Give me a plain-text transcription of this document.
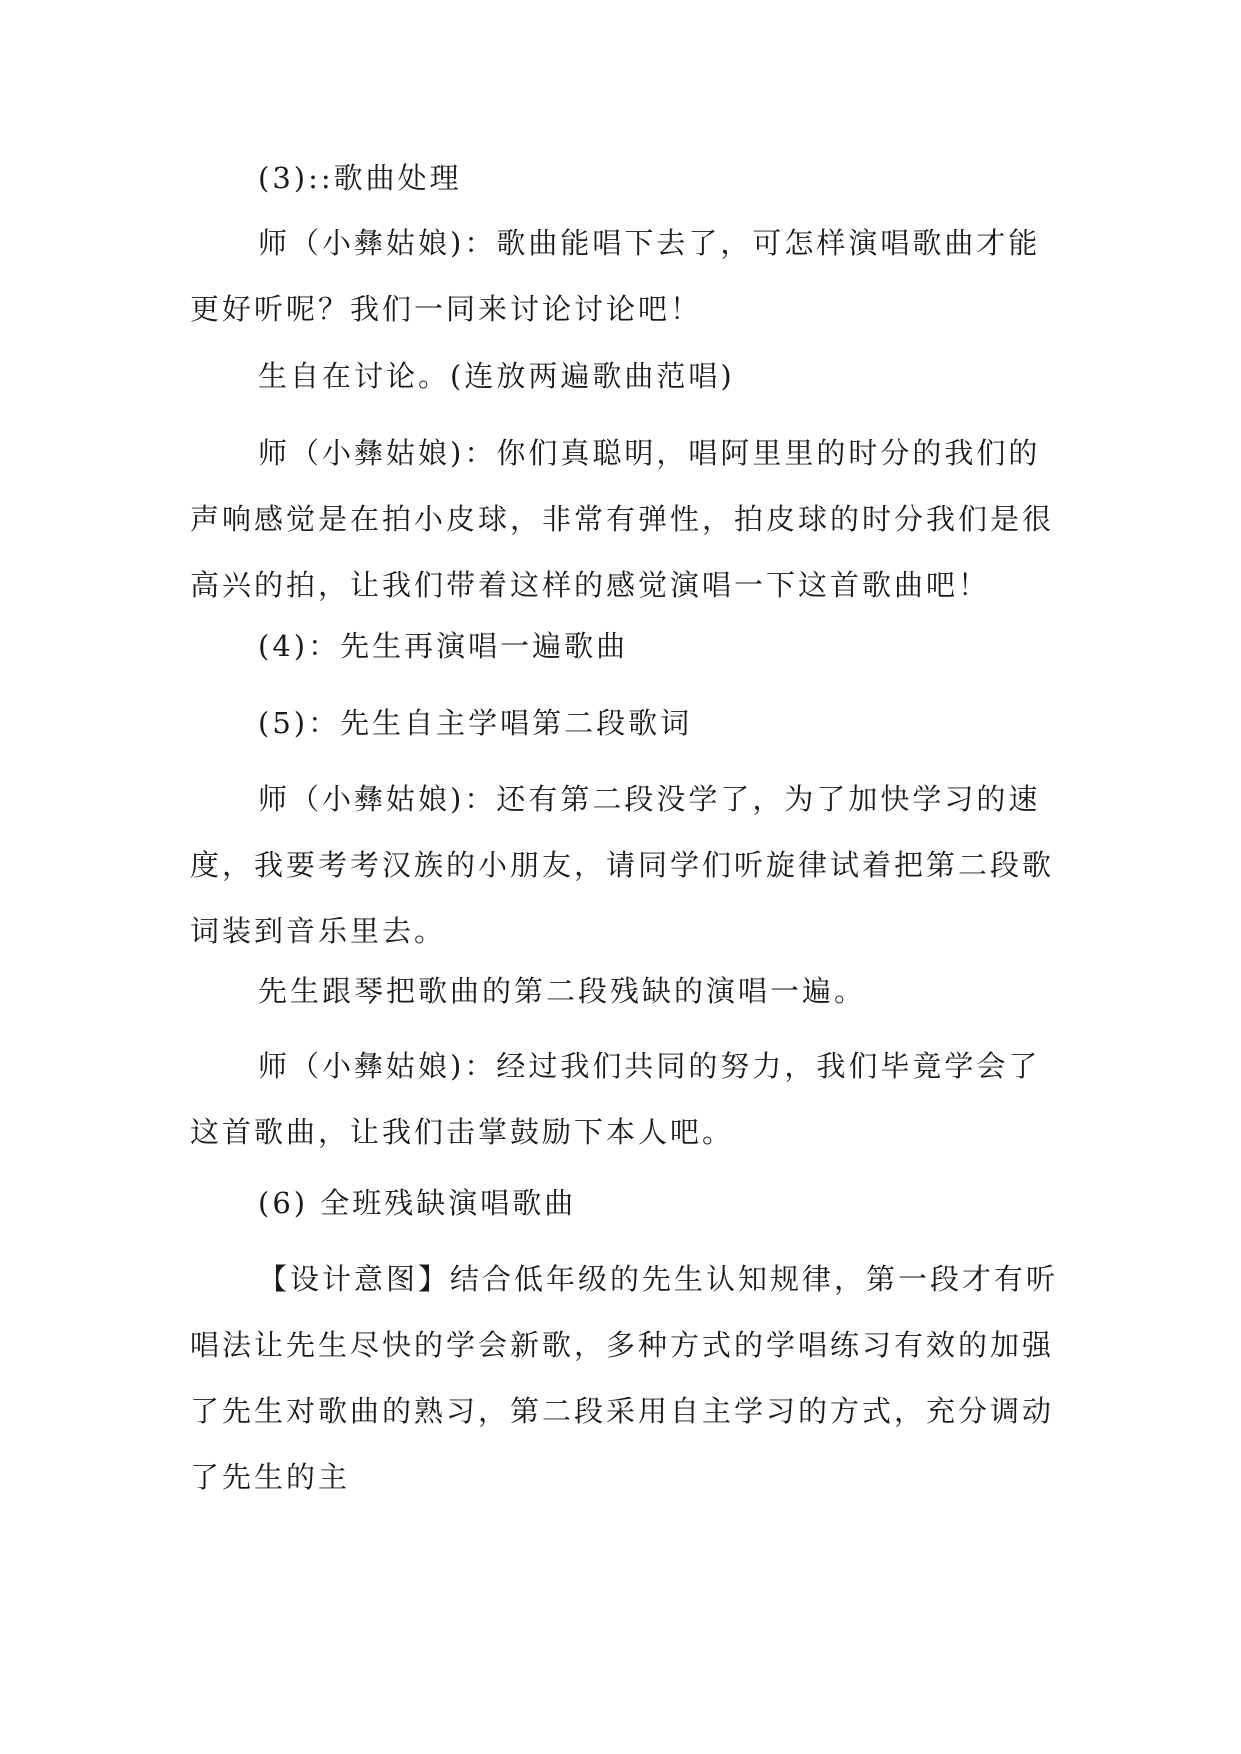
(3)::歌曲处理

师（小彝姑娘)：歌曲能唱下去了，可怎样演唱歌曲才能更好听呢？我们一同来讨论讨论吧！

生自在讨论。(连放两遍歌曲范唱)

师（小彝姑娘)：你们真聪明，唱阿里里的时分的我们的声响感觉是在拍小皮球，非常有弹性，拍皮球的时分我们是很高兴的拍，让我们带着这样的感觉演唱一下这首歌曲吧！

(4)：先生再演唱一遍歌曲

(5)：先生自主学唱第二段歌词

师（小彝姑娘)：还有第二段没学了，为了加快学习的速度，我要考考汉族的小朋友，请同学们听旋律试着把第二段歌词装到音乐里去。

先生跟琴把歌曲的第二段残缺的演唱一遍。

师（小彝姑娘)：经过我们共同的努力，我们毕竟学会了这首歌曲，让我们击掌鼓励下本人吧。

(6) 全班残缺演唱歌曲

【设计意图】结合低年级的先生认知规律，第一段才有听唱法让先生尽快的学会新歌，多种方式的学唱练习有效的加强了先生对歌曲的熟习，第二段采用自主学习的方式，充分调动了先生的主
